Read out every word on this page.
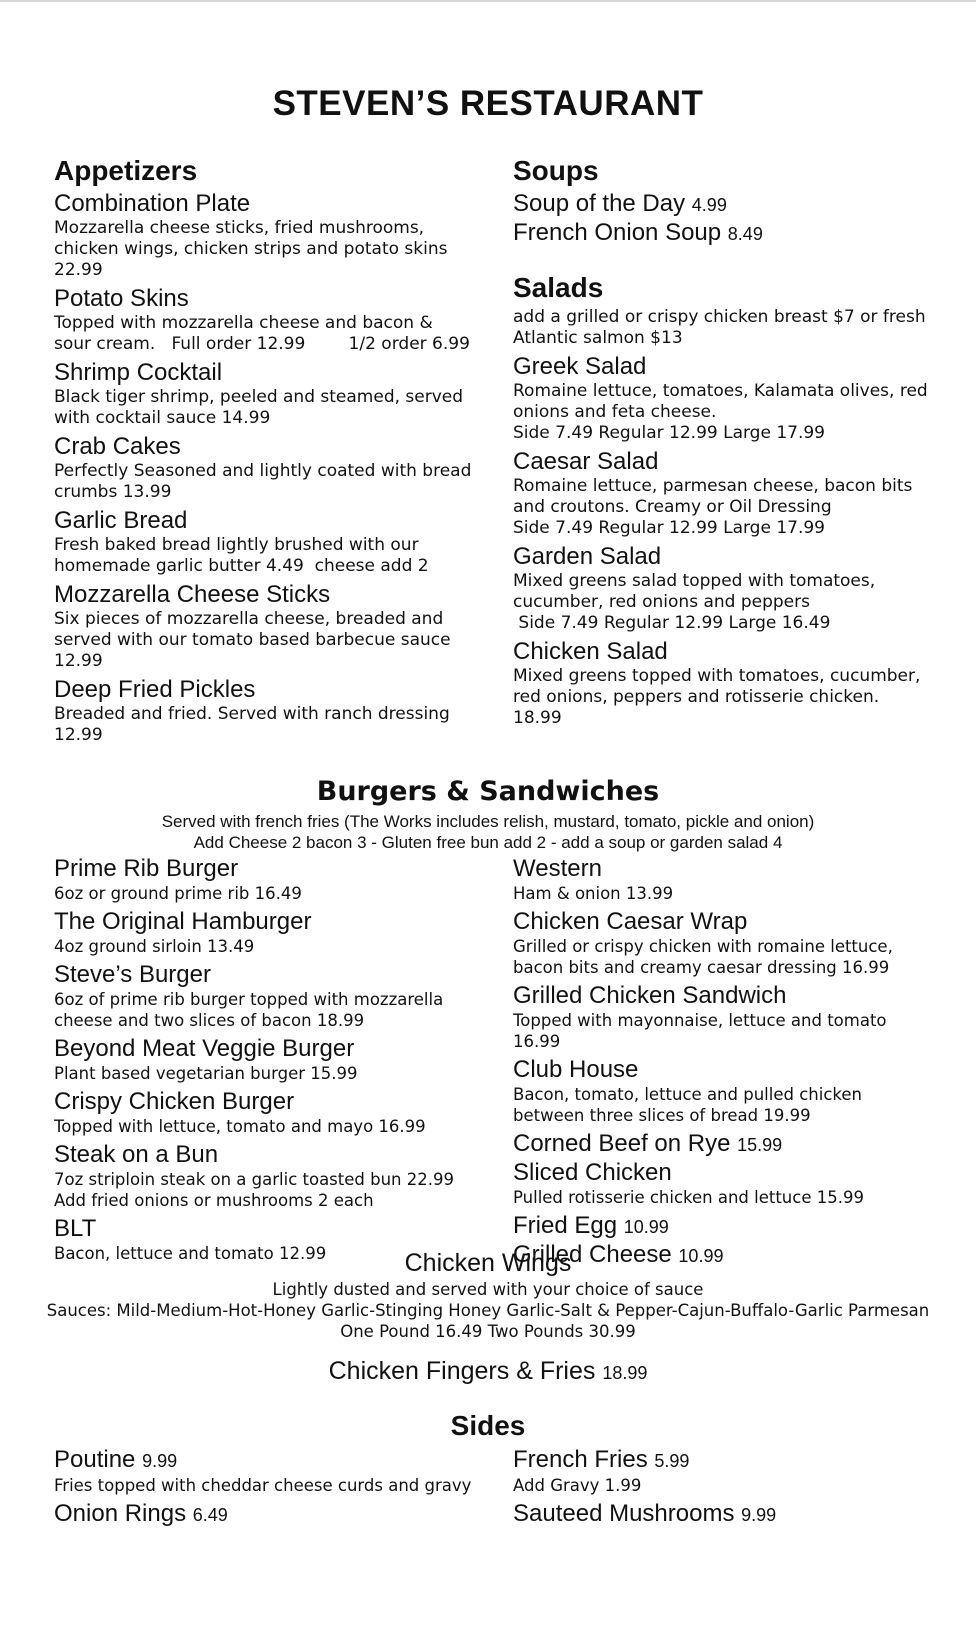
STEVEN’S RESTAURANT
Appetizers
Combination Plate
Mozzarella cheese sticks, fried mushrooms, chicken wings, chicken strips and potato skins 22.99
Potato Skins
Topped with mozzarella cheese and bacon & sour cream.   Full order 12.99        1/2 order 6.99
Shrimp Cocktail
Black tiger shrimp, peeled and steamed, served with cocktail sauce 14.99
Crab Cakes
Perfectly Seasoned and lightly coated with bread crumbs 13.99
Garlic Bread
Fresh baked bread lightly brushed with our homemade garlic butter 4.49  cheese add 2
Mozzarella Cheese Sticks
Six pieces of mozzarella cheese, breaded and served with our tomato based barbecue sauce 12.99
Deep Fried Pickles
Breaded and fried. Served with ranch dressing 12.99
Soups
Soup of the Day 4.99
French Onion Soup 8.49
Salads
add a grilled or crispy chicken breast $7 or fresh Atlantic salmon $13
Greek Salad
Romaine lettuce, tomatoes, Kalamata olives, red onions and feta cheese.
Side 7.49 Regular 12.99 Large 17.99
Caesar Salad
Romaine lettuce, parmesan cheese, bacon bits and croutons. Creamy or Oil Dressing
Side 7.49 Regular 12.99 Large 17.99
Garden Salad
Mixed greens salad topped with tomatoes, cucumber, red onions and peppers
Side 7.49 Regular 12.99 Large 16.49
Chicken Salad
Mixed greens topped with tomatoes, cucumber, red onions, peppers and rotisserie chicken. 18.99
Burgers & Sandwiches
Served with french fries (The Works includes relish, mustard, tomato, pickle and onion)
Add Cheese 2 bacon 3 - Gluten free bun add 2 - add a soup or garden salad 4
Prime Rib Burger
6oz or ground prime rib 16.49
The Original Hamburger
4oz ground sirloin 13.49
Steve’s Burger
6oz of prime rib burger topped with mozzarella cheese and two slices of bacon 18.99
Beyond Meat Veggie Burger
Plant based vegetarian burger 15.99
Crispy Chicken Burger
Topped with lettuce, tomato and mayo 16.99
Steak on a Bun
7oz striploin steak on a garlic toasted bun 22.99
Add fried onions or mushrooms 2 each
BLT
Bacon, lettuce and tomato 12.99
Western
Ham & onion 13.99
Chicken Caesar Wrap
Grilled or crispy chicken with romaine lettuce, bacon bits and creamy caesar dressing 16.99
Grilled Chicken Sandwich
Topped with mayonnaise, lettuce and tomato 16.99
Club House
Bacon, tomato, lettuce and pulled chicken between three slices of bread 19.99
Corned Beef on Rye 15.99
Sliced Chicken
Pulled rotisserie chicken and lettuce 15.99
Fried Egg 10.99
Grilled Cheese 10.99
Chicken Wings
Lightly dusted and served with your choice of sauce
Sauces: Mild-Medium-Hot-Honey Garlic-Stinging Honey Garlic-Salt & Pepper-Cajun-Buffalo-Garlic Parmesan
One Pound 16.49 Two Pounds 30.99
Chicken Fingers & Fries 18.99
Sides
Poutine 9.99
Fries topped with cheddar cheese curds and gravy
Onion Rings 6.49
French Fries 5.99
Add Gravy 1.99
Sauteed Mushrooms 9.99
